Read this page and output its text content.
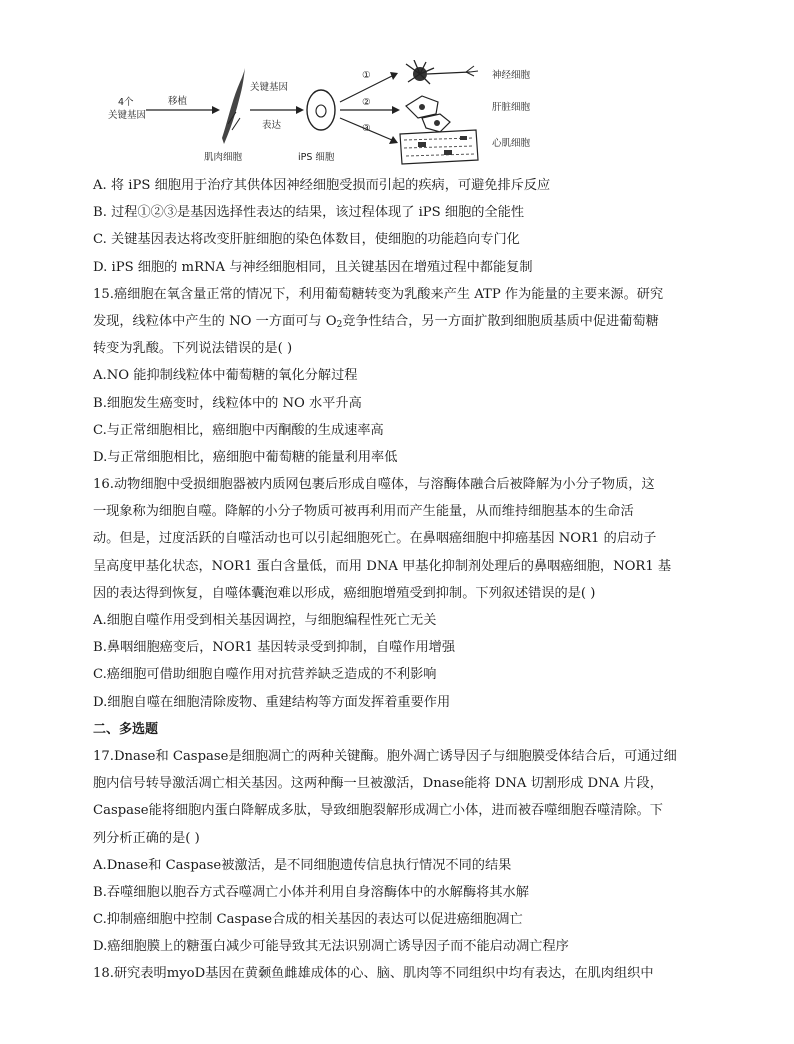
4个
关键基因
移植
肌肉细胞
关键基因
表达
iPS 细胞
①
②
③
神经细胞
肝脏细胞
心肌细胞
A. 将 iPS 细胞用于治疗其供体因神经细胞受损而引起的疾病，可避免排斥反应
B. 过程①②③是基因选择性表达的结果，该过程体现了 iPS 细胞的全能性
C. 关键基因表达将改变肝脏细胞的染色体数目，使细胞的功能趋向专门化
D. iPS 细胞的 mRNA 与神经细胞相同，且关键基因在增殖过程中都能复制
15.癌细胞在氧含量正常的情况下，利用葡萄糖转变为乳酸来产生 ATP 作为能量的主要来源。研究
发现，线粒体中产生的 NO 一方面可与 $O_2$竞争性结合，另一方面扩散到细胞质基质中促进葡萄糖
转变为乳酸。下列说法错误的是( )
A.NO 能抑制线粒体中葡萄糖的氧化分解过程
B.细胞发生癌变时，线粒体中的 NO 水平升高
C.与正常细胞相比，癌细胞中丙酮酸的生成速率高
D.与正常细胞相比，癌细胞中葡萄糖的能量利用率低
16.动物细胞中受损细胞器被内质网包裹后形成自噬体，与溶酶体融合后被降解为小分子物质，这
一现象称为细胞自噬。降解的小分子物质可被再利用而产生能量，从而维持细胞基本的生命活
动。但是，过度活跃的自噬活动也可以引起细胞死亡。在鼻咽癌细胞中抑癌基因 NOR1 的启动子
呈高度甲基化状态，NOR1 蛋白含量低，而用 DNA 甲基化抑制剂处理后的鼻咽癌细胞，NOR1 基
因的表达得到恢复，自噬体囊泡难以形成，癌细胞增殖受到抑制。下列叙述错误的是( )
A.细胞自噬作用受到相关基因调控，与细胞编程性死亡无关
B.鼻咽细胞癌变后，NOR1 基因转录受到抑制，自噬作用增强
C.癌细胞可借助细胞自噬作用对抗营养缺乏造成的不利影响
D.细胞自噬在细胞清除废物、重建结构等方面发挥着重要作用
二、多选题
17.Dnase和 Caspase是细胞凋亡的两种关键酶。胞外凋亡诱导因子与细胞膜受体结合后，可通过细
胞内信号转导激活凋亡相关基因。这两种酶一旦被激活，Dnase能将 DNA 切割形成 DNA 片段，
Caspase能将细胞内蛋白降解成多肽，导致细胞裂解形成凋亡小体，进而被吞噬细胞吞噬清除。下
列分析正确的是( )
A.Dnase和 Caspase被激活，是不同细胞遗传信息执行情况不同的结果
B.吞噬细胞以胞吞方式吞噬凋亡小体并利用自身溶酶体中的水解酶将其水解
C.抑制癌细胞中控制 Caspase合成的相关基因的表达可以促进癌细胞凋亡
D.癌细胞膜上的糖蛋白减少可能导致其无法识别凋亡诱导因子而不能启动凋亡程序
18.研究表明myoD基因在黄颡鱼雌雄成体的心、脑、肌肉等不同组织中均有表达，在肌肉组织中
